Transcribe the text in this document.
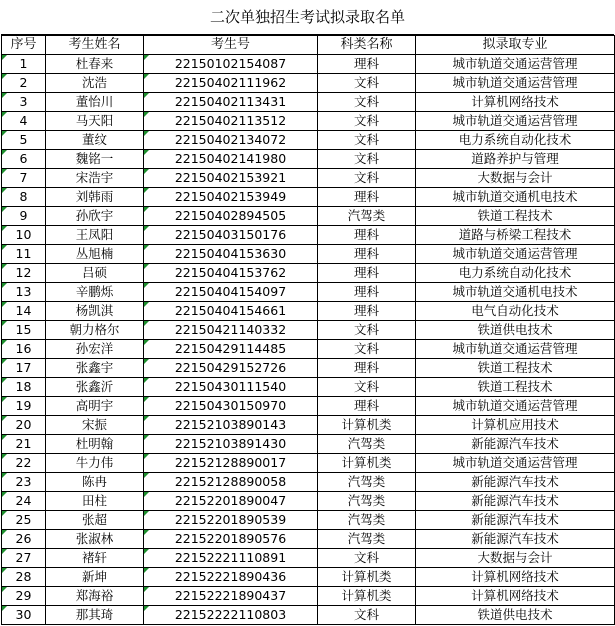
二次单独招生考试拟录取名单
序号	考生姓名	考生号	科类名称	拟录取专业
1	杜春来	22150102154087	理科	城市轨道交通运营管理
2	沈浩	22150402111962	文科	城市轨道交通运营管理
3	董怡川	22150402113431	文科	计算机网络技术
4	马天阳	22150402113512	文科	城市轨道交通运营管理
5	董纹	22150402134072	文科	电力系统自动化技术
6	魏铭一	22150402141980	文科	道路养护与管理
7	宋浩宇	22150402153921	文科	大数据与会计
8	刘韩雨	22150402153949	理科	城市轨道交通机电技术
9	孙欣宇	22150402894505	汽驾类	铁道工程技术
10	王凤阳	22150403150176	理科	道路与桥梁工程技术
11	丛旭楠	22150404153630	理科	城市轨道交通运营管理
12	吕硕	22150404153762	理科	电力系统自动化技术
13	辛鹏烁	22150404154097	理科	城市轨道交通机电技术
14	杨凯淇	22150404154661	理科	电气自动化技术
15	朝力格尔	22150421140332	文科	铁道供电技术
16	孙宏洋	22150429114485	文科	城市轨道交通运营管理
17	张鑫宇	22150429152726	理科	铁道工程技术
18	张鑫沂	22150430111540	文科	铁道工程技术
19	高明宇	22150430150970	理科	城市轨道交通运营管理
20	宋振	22152103890143	计算机类	计算机应用技术
21	杜明翰	22152103891430	汽驾类	新能源汽车技术
22	牛力伟	22152128890017	计算机类	城市轨道交通运营管理
23	陈冉	22152128890058	汽驾类	新能源汽车技术
24	田柱	22152201890047	汽驾类	新能源汽车技术
25	张超	22152201890539	汽驾类	新能源汽车技术
26	张淑林	22152201890576	汽驾类	新能源汽车技术
27	褚轩	22152221110891	文科	大数据与会计
28	新坤	22152221890436	计算机类	计算机网络技术
29	郑海裕	22152221890437	计算机类	计算机网络技术
30	那其琦	22152222110803	文科	铁道供电技术
